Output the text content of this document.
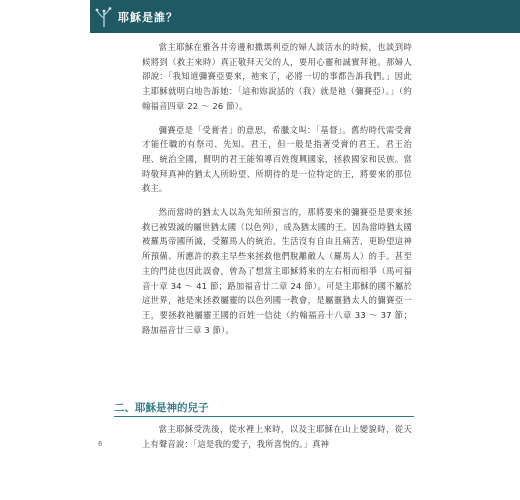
耶穌是誰？

當主耶穌在雅各井旁邊和撒瑪利亞的婦人談活水的時候，也談到時候將到（救主來時）真正敬拜天父的人，要用心靈和誠實拜祂。那婦人卻說：「我知道彌賽亞要來，祂來了，必將一切的事都告訴我們。」因此主耶穌就明白地告訴她：「這和妳說話的（我）就是祂（彌賽亞）。」（約翰福音四章 22 ～ 26 節）。

彌賽亞是「受膏者」的意思，希臘文叫：「基督」。舊約時代需受膏才能任職的有祭司、先知、君王，但一般是指著受膏的君王。君王治理、統治全國，賢明的君王能領導百姓復興國家，拯救國家和民族。當時敬拜真神的猶太人所盼望、所期待的是一位特定的王，將要來的那位救主。

然而當時的猶太人以為先知所預言的，那將要來的彌賽亞是要來拯救已被毀滅的屬世猶太國（以色列），成為猶太國的王。因為當時猶太國被羅馬帝國所滅，受羅馬人的統治，生活沒有自由且痛苦，更盼望這神所預備、所應許的救主早些來拯救他們脫離敵人（羅馬人）的手。甚至主的門徒也因此誤會，曾為了想當主耶穌將來的左右相而相爭（馬可福音十章 34 ～ 41 節；路加福音廿二章 24 節）。可是主耶穌的國不屬於這世界，祂是來拯救屬靈的以色列國一教會，是屬靈猶太人的彌賽亞一王，要拯救祂屬靈王國的百姓一信徒（約翰福音十八章 33 ～ 37 節；路加福音廿三章 3 節）。

二、耶穌是神的兒子

當主耶穌受洗後，從水裡上來時，以及主耶穌在山上變貌時，從天上有聲音說：「這是我的愛子，我所喜悅的。」真神

6
